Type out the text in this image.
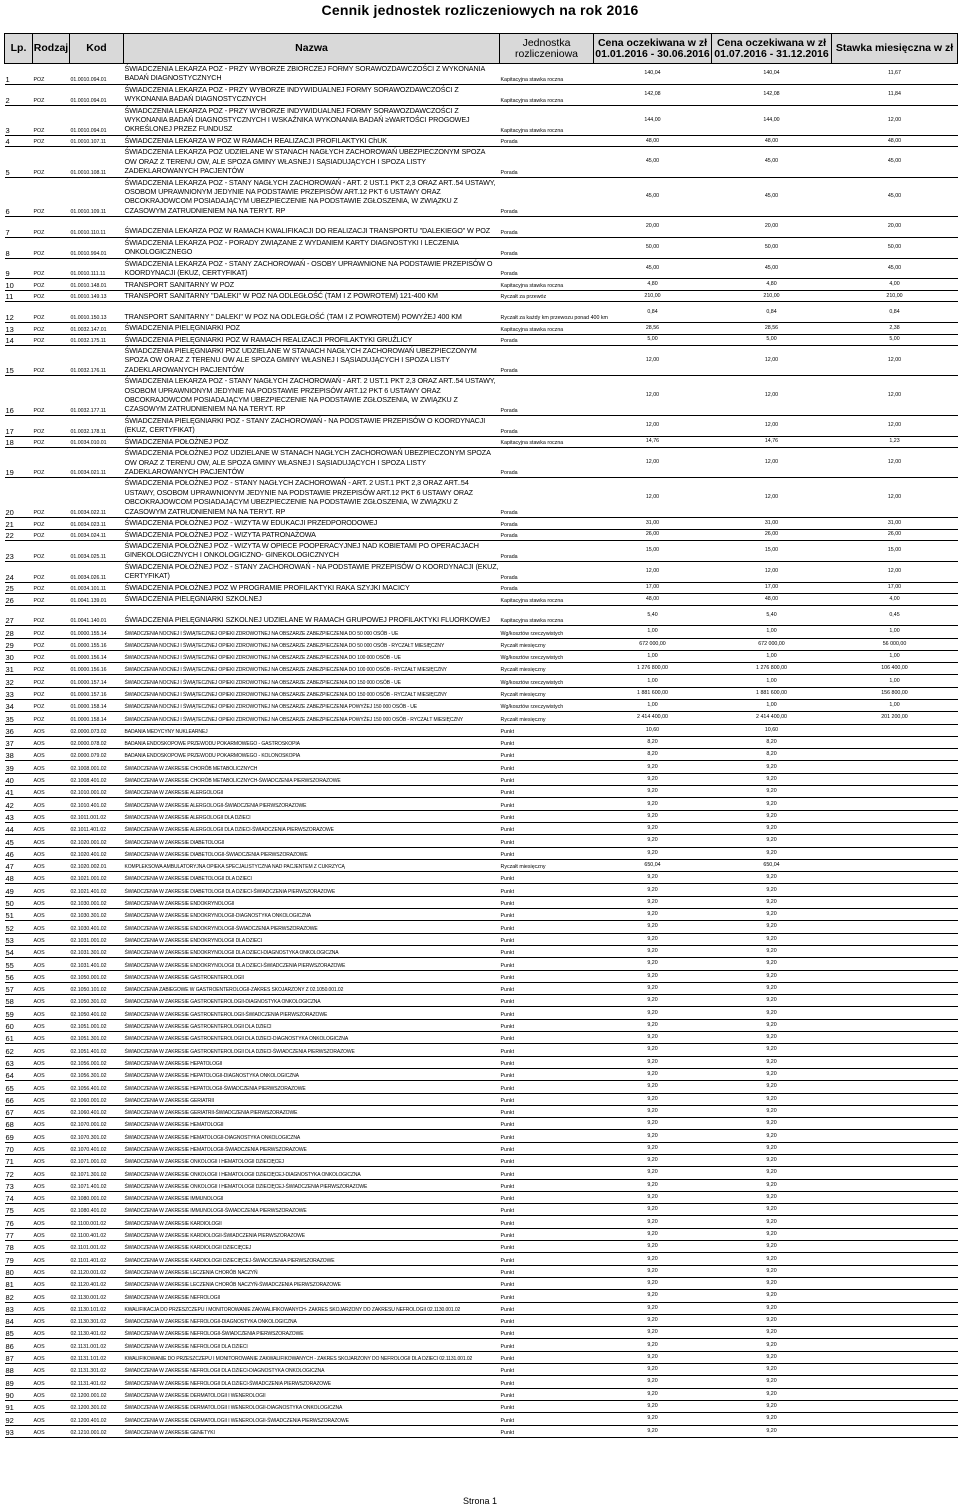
Cennik jednostek rozliczeniowych na rok 2016
Lp.	Rodzaj	Kod	Nazwa	Jednostka rozliczeniowa	Cena oczekiwana w zł 01.01.2016 - 30.06.2016	Cena oczekiwana w zł 01.07.2016 - 31.12.2016	Stawka miesięczna w zł
1	POZ	01.0010.094.01	ŚWIADCZENIA LEKARZA POZ - PRZY WYBORZE ZBIORCZEJ FORMY SORAWOZDAWCZOŚCI Z WYKONANIA BADAŃ DIAGNOSTYCZNYCH	Kapitacyjna stawka roczna	140,04	140,04	11,67
2	POZ	01.0010.094.01	ŚWIADCZENIA LEKARZA POZ - PRZY WYBORZE INDYWIDUALNEJ FORMY SORAWOZDAWCZOŚCI Z WYKONANIA BADAŃ DIAGNOSTYCZNYCH	Kapitacyjna stawka roczna	142,08	142,08	11,84
3	POZ	01.0010.094.01	ŚWIADCZENIA LEKARZA POZ - PRZY WYBORZE INDYWIDUALNEJ FORMY SORAWOZDAWCZOŚCI Z WYKONANIA BADAŃ DIAGNOSTYCZNYCH I WSKAŹNIKA WYKONANIA BADAŃ ≥WARTOŚCI PROGOWEJ OKREŚLONEJ PRZEZ FUNDUSZ	Kapitacyjna stawka roczna	144,00	144,00	12,00
4	POZ	01.0010.107.11	ŚWIADCZENIA LEKARZA W POZ W RAMACH REALIZACJI PROFILAKTYKI ChUK	Porada	48,00	48,00	48,00
5	POZ	01.0010.108.11	ŚWIADCZENIA LEKARZA POZ UDZIELANE W STANACH NAGŁYCH ZACHOROWAŃ UBEZPIECZONYM SPOZA OW ORAZ Z TERENU OW, ALE SPOZA GMINY WŁASNEJ I SĄSIADUJĄCYCH I SPOZA LISTY ZADEKLAROWANYCH PACJENTÓW	Porada	45,00	45,00	45,00
6	POZ	01.0010.109.11	ŚWIADCZENIA LEKARZA POZ - STANY NAGŁYCH ZACHOROWAŃ - ART. 2 UST.1 PKT 2,3 ORAZ ART..54 USTAWY, OSOBOM UPRAWNIONYM JEDYNIE NA PODSTAWIE PRZEPISÓW ART.12 PKT 6 USTAWY ORAZ OBCOKRAJOWCOM POSIADAJĄCYM UBEZPIECZENIE NA PODSTAWIE ZGŁOSZENIA, W ZWIĄZKU Z CZASOWYM ZATRUDNIENIEM NA NA TERYT. RP	Porada	45,00	45,00	45,00
7	POZ	01.0010.110.11	ŚWIADCZENIA LEKARZA POZ W RAMACH KWALIFIKACJI DO REALIZACJI TRANSPORTU "DALEKIEGO" W POZ	Porada	20,00	20,00	20,00
8	POZ	01.0010.994.01	ŚWIADCZENIA LEKARZA POZ - PORADY ZWIĄZANE Z WYDANIEM KARTY DIAGNOSTYKI I LECZENIA ONKOLOGICZNEGO	Porada	50,00	50,00	50,00
9	POZ	01.0010.111.11	ŚWIADCZENIA LEKARZA POZ - STANY ZACHOROWAŃ - OSOBY UPRAWNIONE NA PODSTAWIE PRZEPISÓW O KOORDYNACJI (EKUZ, CERTYFIKAT)	Porada	45,00	45,00	45,00
10	POZ	01.0010.148.01	TRANSPORT SANITARNY W POZ	Kapitacyjna stawka roczna	4,80	4,80	4,00
11	POZ	01.0010.149.13	TRANSPORT SANITARNY "DALEKI" W POZ NA ODLEGŁOŚĆ (TAM I Z POWROTEM) 121-400 KM	Ryczałt za przewóz	210,00	210,00	210,00
12	POZ	01.0010.150.13	TRANSPORT SANITARNY " DALEKI" W POZ NA ODLEGŁOŚĆ (TAM I Z POWROTEM) POWYŻEJ 400 KM	Ryczałt za każdy km przewozu ponad 400 km	0,84	0,84	0,84
13	POZ	01.0032.147.01	ŚWIADCZENIA PIELĘGNIARKI POZ	Kapitacyjna stawka roczna	28,56	28,56	2,38
14	POZ	01.0032.175.11	ŚWIADCZENIA PIELĘGNIARKI POZ W RAMACH REALIZACJI PROFILAKTYKI GRUŹLICY	Porada	5,00	5,00	5,00
15	POZ	01.0032.176.11	ŚWIADCZENIA PIELĘGNIARKI POZ UDZIELANE W STANACH NAGŁYCH ZACHOROWAŃ UBEZPIECZONYM SPOZA OW ORAZ Z TERENU OW ALE SPOZA GMINY WŁASNEJ I SĄSIADUJĄCYCH I SPOZA LISTY ZADEKLAROWANYCH PACJENTÓW	Porada	12,00	12,00	12,00
16	POZ	01.0032.177.11	ŚWIADCZENIA LEKARZA POZ - STANY NAGŁYCH ZACHOROWAŃ - ART. 2 UST.1 PKT 2,3 ORAZ ART..54 USTAWY, OSOBOM UPRAWNIONYM JEDYNIE NA PODSTAWIE PRZEPISÓW ART.12 PKT 6 USTAWY ORAZ OBCOKRAJOWCOM POSIADAJĄCYM UBEZPIECZENIE NA PODSTAWIE ZGŁOSZENIA, W ZWIĄZKU Z CZASOWYM ZATRUDNIENIEM NA NA TERYT. RP	Porada	12,00	12,00	12,00
17	POZ	01.0032.178.11	ŚWIADCZENIA PIELĘGNIARKI POZ - STANY ZACHOROWAŃ - NA PODSTAWIE PRZEPISÓW O KOORDYNACJI (EKUZ, CERTYFIKAT)	Porada	12,00	12,00	12,00
18	POZ	01.0034.010.01	ŚWIADCZENIA POŁOŻNEJ POZ	Kapitacyjna stawka roczna	14,76	14,76	1,23
19	POZ	01.0034.021.11	ŚWIADCZENIA POŁOŻNEJ POZ UDZIELANE W STANACH NAGŁYCH ZACHOROWAŃ UBEZPIECZONYM SPOZA OW ORAZ Z TERENU OW, ALE SPOZA GMINY WŁASNEJ I SĄSIADUJĄCYCH I SPOZA LISTY ZADEKLAROWANYCH PACJENTÓW	Porada	12,00	12,00	12,00
20	POZ	01.0034.022.11	ŚWIADCZENIA POŁOŻNEJ POZ - STANY NAGŁYCH ZACHOROWAŃ - ART. 2 UST.1 PKT 2,3 ORAZ ART..54 USTAWY, OSOBOM UPRAWNIONYM JEDYNIE NA PODSTAWIE PRZEPISÓW ART.12 PKT 6 USTAWY ORAZ OBCOKRAJOWCOM POSIADAJĄCYM UBEZPIECZENIE NA PODSTAWIE ZGŁOSZENIA, W ZWIĄZKU Z CZASOWYM ZATRUDNIENIEM NA NA TERYT. RP	Porada	12,00	12,00	12,00
21	POZ	01.0034.023.11	ŚWIADCZENIA POŁOŻNEJ POZ - WIZYTA W EDUKACJI PRZEDPORODOWEJ	Porada	31,00	31,00	31,00
22	POZ	01.0034.024.11	ŚWIADCZENIA POŁOŻNEJ POZ - WIZYTA PATRONAŻOWA	Porada	26,00	26,00	26,00
23	POZ	01.0034.025.11	ŚWIADCZENIA POŁOŻNEJ POZ - WIZYTA W OPIECE POOPERACYJNEJ NAD KOBIETAMI PO OPERACJACH GINEKOLOGICZNYCH I ONKOLOGICZNO- GINEKOLOGICZNYCH	Porada	15,00	15,00	15,00
24	POZ	01.0034.026.11	ŚWIADCZENIA POŁOŻNEJ POZ - STANY ZACHOROWAŃ - NA PODSTAWIE PRZEPISÓW O KOORDYNACJI (EKUZ, CERTYFIKAT)	Porada	12,00	12,00	12,00
25	POZ	01.0034.101.11	ŚWIADCZENIA POŁOŻNEJ POZ W PROGRAMIE PROFILAKTYKI RAKA SZYJKI MACICY	Porada	17,00	17,00	17,00
26	POZ	01.0041.139.01	ŚWIADCZENIA PIELĘGNIARKI SZKOLNEJ	Kapitacyjna stawka roczna	48,00	48,00	4,00
27	POZ	01.0041.140.01	ŚWIADCZENIA PIELĘGNIARKI SZKOLNEJ UDZIELANE W RAMACH GRUPOWEJ PROFILAKTYKI FLUORKOWEJ	Kapitacyjna stawka roczna	5,40	5,40	0,45
28	POZ	01.0000.155.14	ŚWIADCZENIA NOCNEJ I ŚWIĄTECZNEJ OPIEKI ZDROWOTNEJ NA OBSZARZE ZABEZPIECZENIA DO 50 000 OSÓB - UE	Wg/kosztów rzeczywistych	1,00	1,00	1,00
29	POZ	01.0000.155.16	ŚWIADCZENIA NOCNEJ I ŚWIĄTECZNEJ OPIEKI ZDROWOTNEJ NA OBSZARZE ZABEZPIECZENIA DO 50 000 OSÓB - RYCZAŁT MIESIĘCZNY	Ryczałt miesięczny	672 000,00	672 000,00	56 000,00
30	POZ	01.0000.156.14	ŚWIADCZENIA NOCNEJ I ŚWIĄTECZNEJ OPIEKI ZDROWOTNEJ NA OBSZARZE ZABEZPIECZENIA DO 100 000 OSÓB - UE	Wg/kosztów rzeczywistych	1,00	1,00	1,00
31	POZ	01.0000.156.16	ŚWIADCZENIA NOCNEJ I ŚWIĄTECZNEJ OPIEKI ZDROWOTNEJ NA OBSZARZE ZABEZPIECZENIA DO 100 000 OSÓB - RYCZAŁT MIESIĘCZNY	Ryczałt miesięczny	1 276 800,00	1 276 800,00	106 400,00
32	POZ	01.0000.157.14	ŚWIADCZENIA NOCNEJ I ŚWIĄTECZNEJ OPIEKI ZDROWOTNEJ NA OBSZARZE ZABEZPIECZENIA DO 150 000 OSÓB - UE	Wg/kosztów rzeczywistych	1,00	1,00	1,00
33	POZ	01.0000.157.16	ŚWIADCZENIA NOCNEJ I ŚWIĄTECZNEJ OPIEKI ZDROWOTNEJ NA OBSZARZE ZABEZPIECZENIA DO 150 000 OSÓB - RYCZAŁT MIESIĘCZNY	Ryczałt miesięczny	1 881 600,00	1 881 600,00	156 800,00
34	POZ	01.0000.158.14	ŚWIADCZENIA NOCNEJ I ŚWIĄTECZNEJ OPIEKI ZDROWOTNEJ NA OBSZARZE ZABEZPIECZENIA POWYŻEJ 150 000 OSÓB - UE	Wg/kosztów rzeczywistych	1,00	1,00	1,00
35	POZ	01.0000.158.14	ŚWIADCZENIA NOCNEJ I ŚWIĄTECZNEJ OPIEKI ZDROWOTNEJ NA OBSZARZE ZABEZPIECZENIA POWYŻEJ 150 000 OSÓB - RYCZAŁT MIESIĘCZNY	Ryczałt miesięczny	2 414 400,00	2 414 400,00	201 200,00
36	AOS	02.0000.073.02	BADANIA MEDYCYNY NUKLEARNEJ	Punkt	10,60	10,60	
37	AOS	02.0000.078.02	BADANIA ENDOSKOPOWE PRZEWODU POKARMOWEGO - GASTROSKOPIA	Punkt	8,20	8,20	
38	AOS	02.0000.079.02	BADANIA ENDOSKOPOWE PRZEWODU POKARMOWEGO - KOLONOSKOPIA	Punkt	8,20	8,20	
39	AOS	02.1008.001.02	ŚWIADCZENIA W ZAKRESIE CHORÓB METABOLICZNYCH	Punkt	9,20	9,20	
40	AOS	02.1008.401.02	ŚWIADCZENIA W ZAKRESIE CHORÓB METABOLICZNYCH-ŚWIADCZENIA PIERWSZORAZOWE	Punkt	9,20	9,20	
41	AOS	02.1010.001.02	ŚWIADCZENIA W ZAKRESIE ALERGOLOGII	Punkt	9,20	9,20	
42	AOS	02.1010.401.02	ŚWIADCZENIA W ZAKRESIE ALERGOLOGII-ŚWIADCZENIA PIERWSZORAZOWE	Punkt	9,20	9,20	
43	AOS	02.1011.001.02	ŚWIADCZENIA W ZAKRESIE ALERGOLOGII DLA DZIECI	Punkt	9,20	9,20	
44	AOS	02.1011.401.02	ŚWIADCZENIA W ZAKRESIE ALERGOLOGII DLA DZIECI-ŚWIADCZENIA PIERWSZORAZOWE	Punkt	9,20	9,20	
45	AOS	02.1020.001.02	ŚWIADCZENIA W ZAKRESIE DIABETOLOGII	Punkt	9,20	9,20	
46	AOS	02.1020.401.02	ŚWIADCZENIA W ZAKRESIE DIABETOLOGII-ŚWIADCZENIA PIERWSZORAZOWE	Punkt	9,20	9,20	
47	AOS	02.1020.002.01	KOMPLEKSOWA AMBULATORYJNA OPIEKA SPECJALISTYCZNA NAD PACJENTEM Z CUKRZYCĄ	Ryczałt miesięczny	650,04	650,04	
48	AOS	02.1021.001.02	ŚWIADCZENIA W ZAKRESIE DIABETOLOGII DLA DZIECI	Punkt	9,20	9,20	
49	AOS	02.1021.401.02	ŚWIADCZENIA W ZAKRESIE DIABETOLOGII DLA DZIECI-ŚWIADCZENIA PIERWSZORAZOWE	Punkt	9,20	9,20	
50	AOS	02.1030.001.02	ŚWIADCZENIA W ZAKRESIE ENDOKRYNOLOGII	Punkt	9,20	9,20	
51	AOS	02.1030.301.02	ŚWIADCZENIA W ZAKRESIE ENDOKRYNOLOGII-DIAGNOSTYKA ONKOLOGICZNA	Punkt	9,20	9,20	
52	AOS	02.1030.401.02	ŚWIADCZENIA W ZAKRESIE ENDOKRYNOLOGII-ŚWIADCZENIA PIERWSZORAZOWE	Punkt	9,20	9,20	
53	AOS	02.1031.001.02	ŚWIADCZENIA W ZAKRESIE ENDOKRYNOLOGII DLA DZIECI	Punkt	9,20	9,20	
54	AOS	02.1031.301.02	ŚWIADCZENIA W ZAKRESIE ENDOKRYNOLOGII DLA DZIECI-DIAGNOSTYKA ONKOLOGICZNA	Punkt	9,20	9,20	
55	AOS	02.1031.401.02	ŚWIADCZENIA W ZAKRESIE ENDOKRYNOLOGII DLA DZIECI-ŚWIADCZENIA PIERWSZORAZOWE	Punkt	9,20	9,20	
56	AOS	02.1050.001.02	ŚWIADCZENIA W ZAKRESIE GASTROENTEROLOGII	Punkt	9,20	9,20	
57	AOS	02.1050.101.02	ŚWIADCZENIA ZABIEGOWE W GASTROENTEROLOGII-ZAKRES SKOJARZONY Z 02.1050.001.02	Punkt	9,20	9,20	
58	AOS	02.1050.301.02	ŚWIADCZENIA W ZAKRESIE GASTROENTEROLOGII-DIAGNOSTYKA ONKOLOGICZNA	Punkt	9,20	9,20	
59	AOS	02.1050.401.02	ŚWIADCZENIA W ZAKRESIE GASTROENTEROLOGII-ŚWIADCZENIA PIERWSZORAZOWE	Punkt	9,20	9,20	
60	AOS	02.1051.001.02	ŚWIADCZENIA W ZAKRESIE GASTROENTEROLOGII DLA DZIECI	Punkt	9,20	9,20	
61	AOS	02.1051.301.02	ŚWIADCZENIA W ZAKRESIE GASTROENTEROLOGII DLA DZIECI-DIAGNOSTYKA ONKOLOGICZNA	Punkt	9,20	9,20	
62	AOS	02.1051.401.02	ŚWIADCZENIA W ZAKRESIE GASTROENTEROLOGII DLA DZIECI-ŚWIADCZENIA PIERWSZORAZOWE	Punkt	9,20	9,20	
63	AOS	02.1056.001.02	ŚWIADCZENIA W ZAKRESIE HEPATOLOGII	Punkt	9,20	9,20	
64	AOS	02.1056.301.02	ŚWIADCZENIA W ZAKRESIE HEPATOLOGII-DIAGNOSTYKA ONKOLOGICZNA	Punkt	9,20	9,20	
65	AOS	02.1056.401.02	ŚWIADCZENIA W ZAKRESIE HEPATOLOGII-ŚWIADCZENIA PIERWSZORAZOWE	Punkt	9,20	9,20	
66	AOS	02.1060.001.02	ŚWIADCZENIA W ZAKRESIE GERIATRII	Punkt	9,20	9,20	
67	AOS	02.1060.401.02	ŚWIADCZENIA W ZAKRESIE GERIATRII-ŚWIADCZENIA PIERWSZORAZOWE	Punkt	9,20	9,20	
68	AOS	02.1070.001.02	ŚWIADCZENIA W ZAKRESIE HEMATOLOGII	Punkt	9,20	9,20	
69	AOS	02.1070.301.02	ŚWIADCZENIA W ZAKRESIE HEMATOLOGII-DIAGNOSTYKA ONKOLOGICZNA	Punkt	9,20	9,20	
70	AOS	02.1070.401.02	ŚWIADCZENIA W ZAKRESIE HEMATOLOGII-ŚWIADCZENIA PIERWSZORAZOWE	Punkt	9,20	9,20	
71	AOS	02.1071.001.02	ŚWIADCZENIA W ZAKRESIE ONKOLOGII I HEMATOLOGII DZIECIĘCEJ	Punkt	9,20	9,20	
72	AOS	02.1071.301.02	ŚWIADCZENIA W ZAKRESIE ONKOLOGII I HEMATOLOGII DZIECIĘCEJ-DIAGNOSTYKA ONKOLOGICZNA	Punkt	9,20	9,20	
73	AOS	02.1071.401.02	ŚWIADCZENIA W ZAKRESIE ONKOLOGII I HEMATOLOGII DZIECIĘCEJ-ŚWIADCZENIA PIERWSZORAZOWE	Punkt	9,20	9,20	
74	AOS	02.1080.001.02	ŚWIADCZENIA W ZAKRESIE IMMUNOLOGII	Punkt	9,20	9,20	
75	AOS	02.1080.401.02	ŚWIADCZENIA W ZAKRESIE IMMUNOLOGII-ŚWIADCZENIA PIERWSZORAZOWE	Punkt	9,20	9,20	
76	AOS	02.1100.001.02	ŚWIADCZENIA W ZAKRESIE KARDIOLOGII	Punkt	9,20	9,20	
77	AOS	02.1100.401.02	ŚWIADCZENIA W ZAKRESIE KARDIOLOGII-ŚWIADCZENIA PIERWSZORAZOWE	Punkt	9,20	9,20	
78	AOS	02.1101.001.02	ŚWIADCZENIA W ZAKRESIE KARDIOLOGII DZIECIĘCEJ	Punkt	9,20	9,20	
79	AOS	02.1101.401.02	ŚWIADCZENIA W ZAKRESIE KARDIOLOGII DZIECIĘCEJ-ŚWIADCZENIA PIERWSZORAZOWE	Punkt	9,20	9,20	
80	AOS	02.1120.001.02	ŚWIADCZENIA W ZAKRESIE LECZENIA CHORÓB NACZYŃ	Punkt	9,20	9,20	
81	AOS	02.1120.401.02	ŚWIADCZENIA W ZAKRESIE LECZENIA CHORÓB NACZYŃ-ŚWIADCZENIA PIERWSZORAZOWE	Punkt	9,20	9,20	
82	AOS	02.1130.001.02	ŚWIADCZENIA W ZAKRESIE NEFROLOGII	Punkt	9,20	9,20	
83	AOS	02.1130.101.02	KWALIFIKACJA DO PRZESZCZEPU I MONITOROWANIE ZAKWALIFIKOWANYCH- ZAKRES SKOJARZONY DO ZAKRESU NEFROLOGII 02.1130.001.02	Punkt	9,20	9,20	
84	AOS	02.1130.301.02	ŚWIADCZENIA W ZAKRESIE NEFROLOGII-DIAGNOSTYKA ONKOLOGICZNA	Punkt	9,20	9,20	
85	AOS	02.1130.401.02	ŚWIADCZENIA W ZAKRESIE NEFROLOGII-ŚWIADCZENIA PIERWSZORAZOWE	Punkt	9,20	9,20	
86	AOS	02.1131.001.02	ŚWIADCZENIA W ZAKRESIE NEFROLOGII DLA DZIECI	Punkt	9,20	9,20	
87	AOS	02.1131.101.02	KWALIFIKOWANIE DO PRZESZCZEPU I MONITOROWANIE ZAKWALIFIKOWANYCH - ZAKRES SKOJARZONY DO NEFROLOGII DLA DZIECI 02.1131.001.02	Punkt	9,20	9,20	
88	AOS	02.1131.301.02	ŚWIADCZENIA W ZAKRESIE NEFROLOGII DLA DZIECI-DIAGNOSTYKA ONKOLOGICZNA	Punkt	9,20	9,20	
89	AOS	02.1131.401.02	ŚWIADCZENIA W ZAKRESIE NEFROLOGII DLA DZIECI-ŚWIADCZENIA PIERWSZORAZOWE	Punkt	9,20	9,20	
90	AOS	02.1200.001.02	ŚWIADCZENIA W ZAKRESIE DERMATOLOGII I WENEROLOGII	Punkt	9,20	9,20	
91	AOS	02.1200.301.02	ŚWIADCZENIA W ZAKRESIE DERMATOLOGII I WENEROLOGII-DIAGNOSTYKA ONKOLOGICZNA	Punkt	9,20	9,20	
92	AOS	02.1200.401.02	ŚWIADCZENIA W ZAKRESIE DERMATOLOGII I WENEROLOGII-ŚWIADCZENIA PIERWSZORAZOWE	Punkt	9,20	9,20	
93	AOS	02.1210.001.02	ŚWIADCZENIA W ZAKRESIE GENETYKI	Punkt	9,20	9,20	
Strona 1
